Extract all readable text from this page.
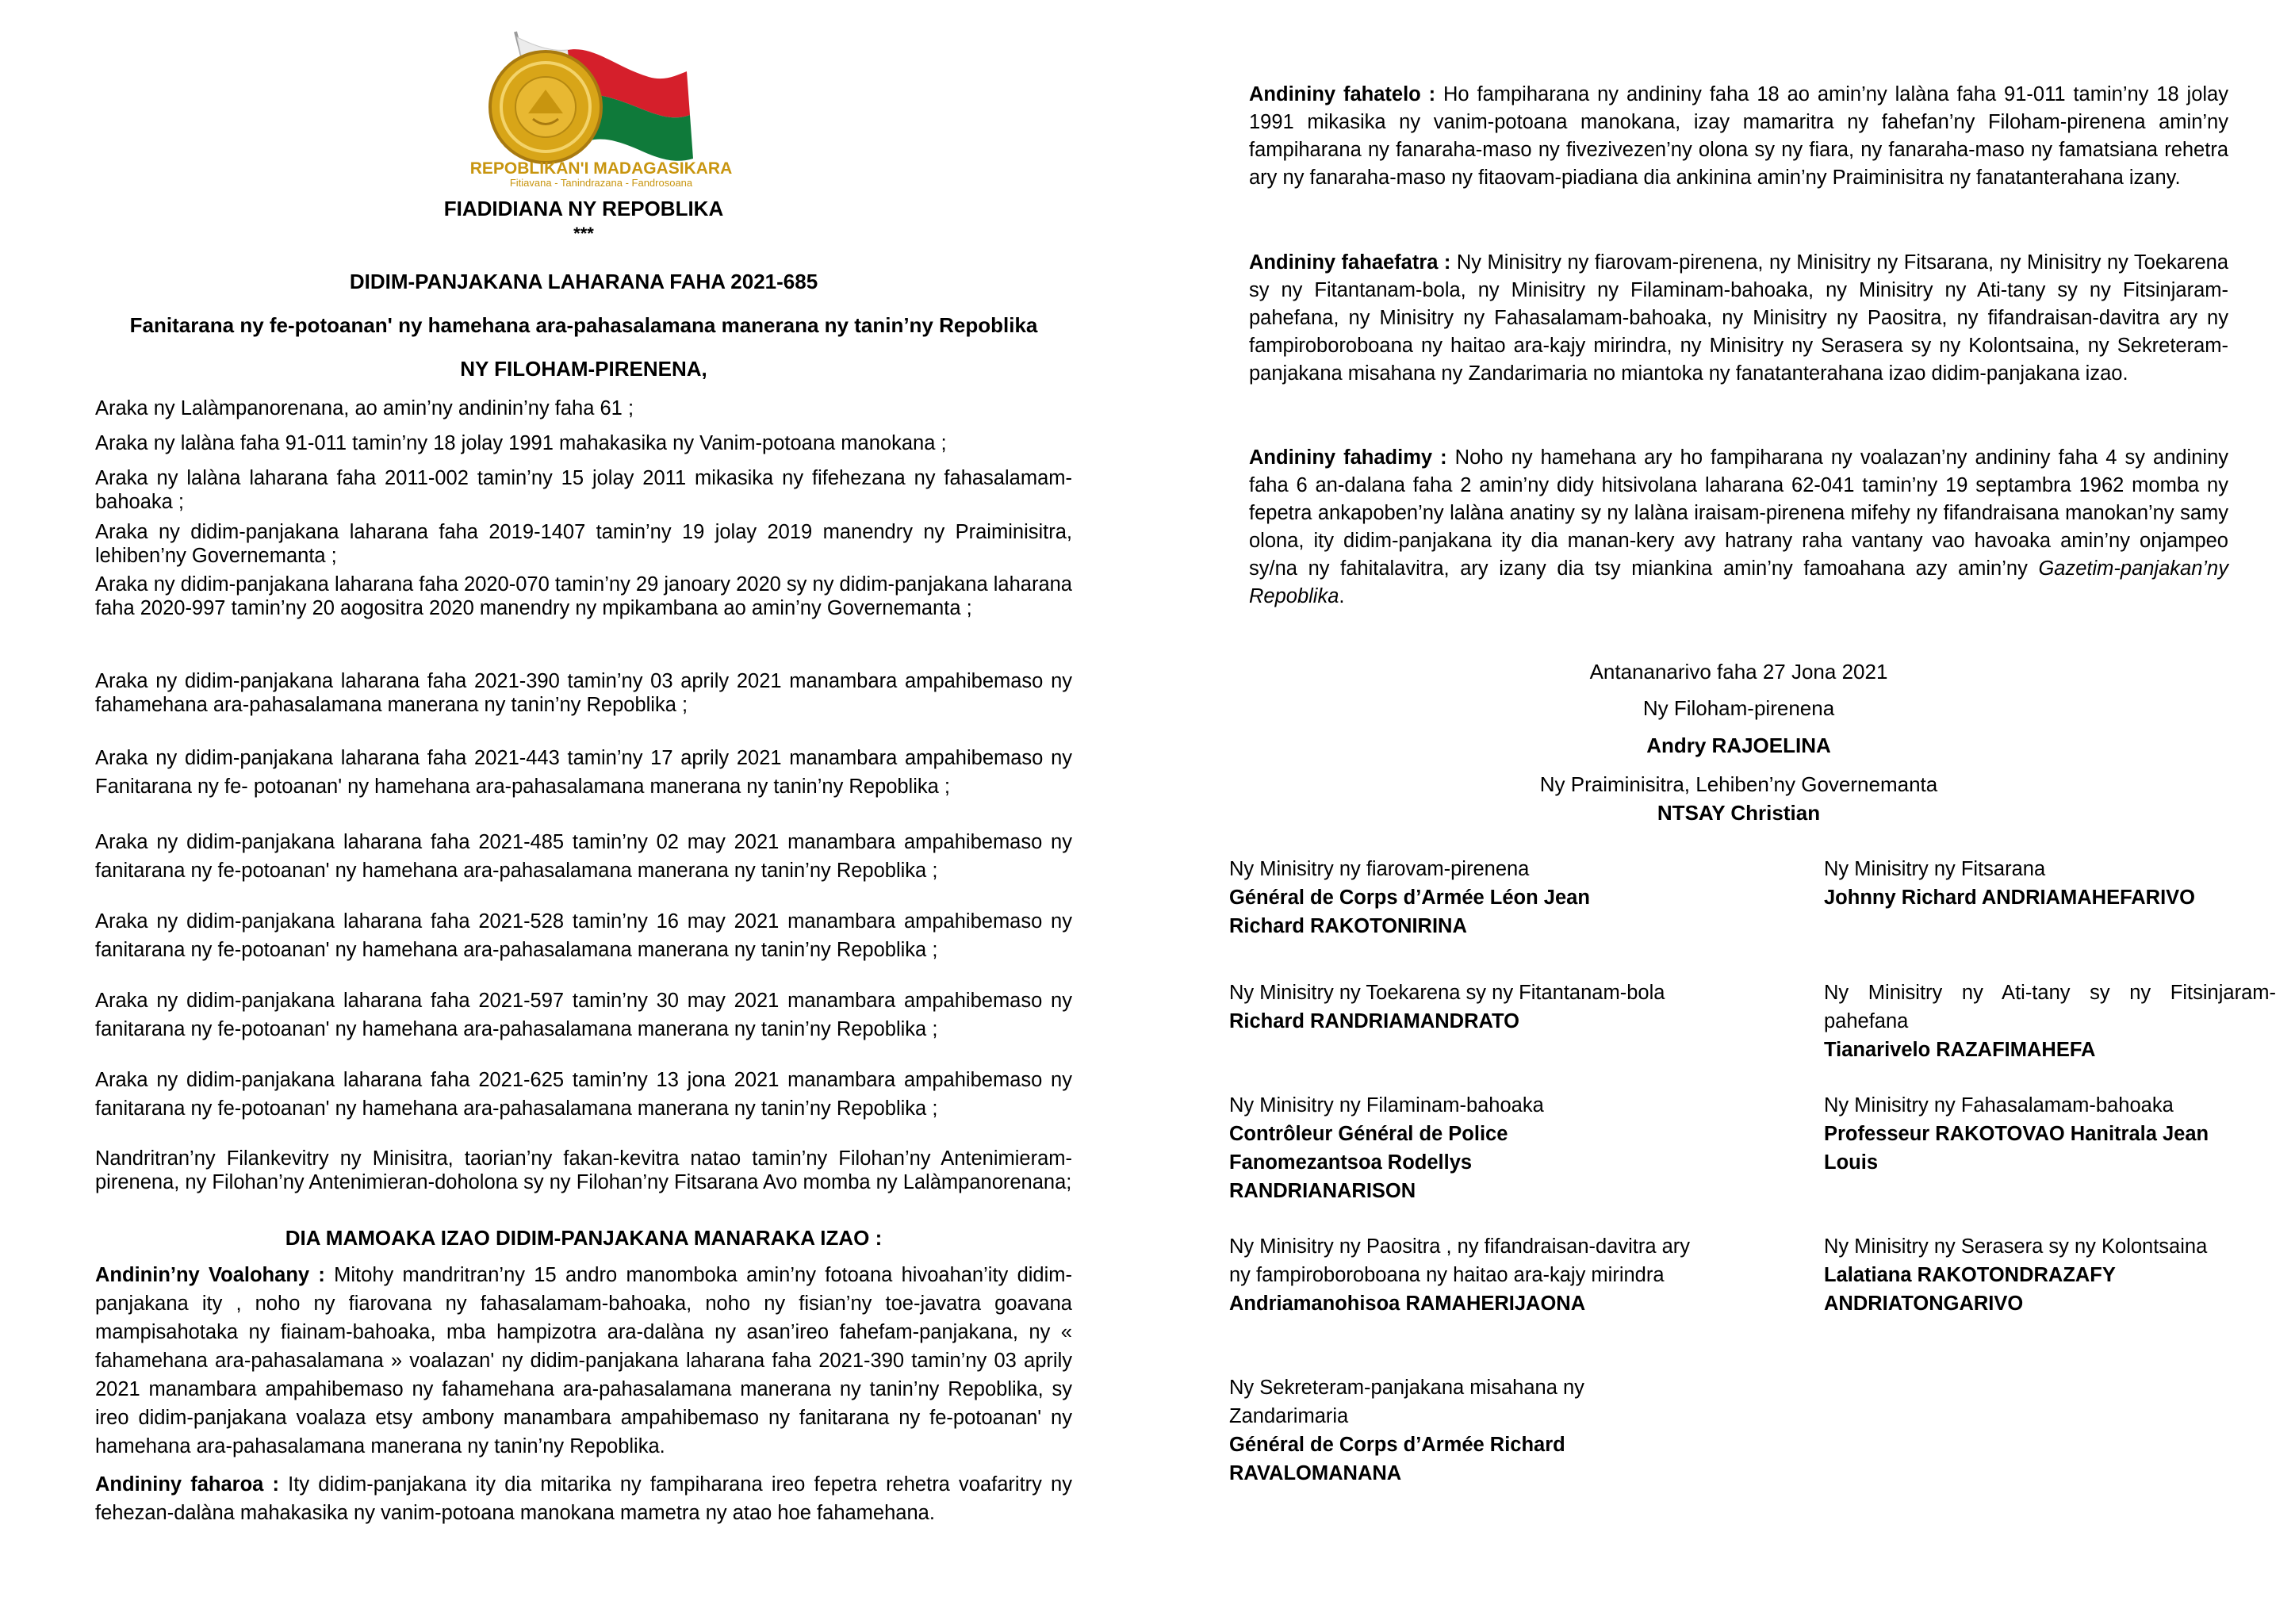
REPOBLIKAN'I MADAGASIKARA
Fitiavana - Tanindrazana - Fandrosoana
FIADIDIANA NY REPOBLIKA
***
DIDIM-PANJAKANA LAHARANA FAHA 2021-685
Fanitarana ny fe-potoanan' ny hamehana ara-pahasalamana manerana ny tanin’ny Repoblika
NY FILOHAM-PIRENENA,

Araka ny Lalàmpanorenana, ao amin’ny andinin’ny faha 61 ;

Araka ny lalàna faha 91-011 tamin’ny 18 jolay 1991 mahakasika ny Vanim-potoana manokana ;

Araka ny lalàna laharana faha 2011-002 tamin’ny 15 jolay 2011 mikasika ny fifehezana ny fahasalamam-bahoaka ;

Araka ny didim-panjakana laharana faha 2019-1407 tamin’ny 19 jolay 2019 manendry ny Praiminisitra, lehiben’ny Governemanta ;

Araka ny didim-panjakana laharana faha 2020-070 tamin’ny 29 janoary 2020 sy ny didim-panjakana laharana faha 2020-997 tamin’ny 20 aogositra 2020 manendry ny mpikambana ao amin’ny Governemanta ;

Araka ny didim-panjakana laharana faha 2021-390 tamin’ny 03 aprily 2021 manambara ampahibemaso ny fahamehana ara-pahasalamana manerana ny tanin’ny Repoblika ;

Araka ny didim-panjakana laharana faha 2021-443 tamin’ny 17 aprily 2021 manambara ampahibemaso ny Fanitarana ny fe- potoanan' ny hamehana ara-pahasalamana manerana ny tanin’ny Repoblika ;

Araka ny didim-panjakana laharana faha 2021-485 tamin’ny 02 may 2021 manambara ampahibemaso ny fanitarana ny fe-potoanan' ny hamehana ara-pahasalamana manerana ny tanin’ny Repoblika ;

Araka ny didim-panjakana laharana faha 2021-528 tamin’ny 16 may 2021 manambara ampahibemaso ny fanitarana ny fe-potoanan' ny hamehana ara-pahasalamana manerana ny tanin’ny Repoblika ;

Araka ny didim-panjakana laharana faha 2021-597 tamin’ny 30 may 2021 manambara ampahibemaso ny fanitarana ny fe-potoanan' ny hamehana ara-pahasalamana manerana ny tanin’ny Repoblika ;

Araka ny didim-panjakana laharana faha 2021-625 tamin’ny 13 jona 2021 manambara ampahibemaso ny fanitarana ny fe-potoanan' ny hamehana ara-pahasalamana manerana ny tanin’ny Repoblika ;

Nandritran’ny Filankevitry ny Minisitra, taorian’ny fakan-kevitra natao tamin’ny Filohan’ny Antenimieram-pirenena, ny Filohan’ny Antenimieran-doholona sy ny Filohan’ny Fitsarana Avo momba ny Lalàmpanorenana;

DIA MAMOAKA IZAO DIDIM-PANJAKANA MANARAKA IZAO :

Andinin’ny Voalohany : Mitohy mandritran’ny 15 andro manomboka amin’ny fotoana hivoahan’ity didim-panjakana ity , noho ny fiarovana ny fahasalamam-bahoaka, noho ny fisian’ny toe-javatra goavana mampisahotaka ny fiainam-bahoaka, mba hampizotra ara-dalàna ny asan’ireo fahefam-panjakana, ny « fahamehana ara-pahasalamana » voalazan' ny didim-panjakana laharana faha 2021-390 tamin’ny 03 aprily 2021 manambara ampahibemaso ny fahamehana ara-pahasalamana manerana ny tanin’ny Repoblika, sy ireo didim-panjakana voalaza etsy ambony manambara ampahibemaso ny fanitarana ny fe-potoanan' ny hamehana ara-pahasalamana manerana ny tanin’ny Repoblika.

Andininy faharoa : Ity didim-panjakana ity dia mitarika ny fampiharana ireo fepetra rehetra voafaritry ny fehezan-dalàna mahakasika ny vanim-potoana manokana mametra ny atao hoe fahamehana.

Andininy fahatelo : Ho fampiharana ny andininy faha 18 ao amin’ny lalàna faha 91-011 tamin’ny 18 jolay 1991 mikasika ny vanim-potoana manokana, izay mamaritra ny fahefan’ny Filoham-pirenena amin’ny fampiharana ny fanaraha-maso ny fivezivezen’ny olona sy ny fiara, ny fanaraha-maso ny famatsiana rehetra ary ny fanaraha-maso ny fitaovam-piadiana dia ankinina amin’ny Praiminisitra ny fanatanterahana izany.

Andininy fahaefatra : Ny Minisitry ny fiarovam-pirenena, ny Minisitry ny Fitsarana, ny Minisitry ny Toekarena sy ny Fitantanam-bola, ny Minisitry ny Filaminam-bahoaka, ny Minisitry ny Ati-tany sy ny Fitsinjaram-pahefana, ny Minisitry ny Fahasalamam-bahoaka, ny Minisitry ny Paositra, ny fifandraisan-davitra ary ny fampiroboroboana ny haitao ara-kajy mirindra, ny Minisitry ny Serasera sy ny Kolontsaina, ny Sekreteram-panjakana misahana ny Zandarimaria no miantoka ny fanatanterahana izao didim-panjakana izao.

Andininy fahadimy : Noho ny hamehana ary ho fampiharana ny voalazan’ny andininy faha 4 sy andininy faha 6 an-dalana faha 2 amin’ny didy hitsivolana laharana 62-041 tamin’ny 19 septambra 1962 momba ny fepetra ankapoben’ny lalàna anatiny sy ny lalàna iraisam-pirenena mifehy ny fifandraisana manokan’ny samy olona, ity didim-panjakana ity dia manan-kery avy hatrany raha vantany vao havoaka amin’ny onjampeo sy/na ny fahitalavitra, ary izany dia tsy miankina amin’ny famoahana azy amin’ny Gazetim-panjakan’ny Repoblika.

Antananarivo faha 27 Jona 2021
Ny Filoham-pirenena
Andry RAJOELINA
Ny Praiminisitra, Lehiben’ny Governemanta
NTSAY Christian
Ny Minisitry ny fiarovam-pirenena
Général de Corps d’Armée Léon Jean Richard RAKOTONIRINA
Ny Minisitry ny Fitsarana
Johnny Richard ANDRIAMAHEFARIVO
Ny Minisitry ny Toekarena sy ny Fitantanam-bola
Richard RANDRIAMANDRATO
Ny Minisitry ny Ati-tany sy ny Fitsinjaram-pahefana
Tianarivelo RAZAFIMAHEFA
Ny Minisitry ny Filaminam-bahoaka
Contrôleur Général de Police Fanomezantsoa Rodellys RANDRIANARISON
Ny Minisitry ny Fahasalamam-bahoaka
Professeur RAKOTOVAO Hanitrala Jean Louis
Ny Minisitry ny Paositra , ny fifandraisan-davitra ary ny fampiroboroboana ny haitao ara-kajy mirindra
Andriamanohisoa RAMAHERIJAONA
Ny Minisitry ny Serasera sy ny Kolontsaina
Lalatiana RAKOTONDRAZAFY ANDRIATONGARIVO
Ny Sekreteram-panjakana misahana ny Zandarimaria
Général de Corps d’Armée Richard RAVALOMANANA
